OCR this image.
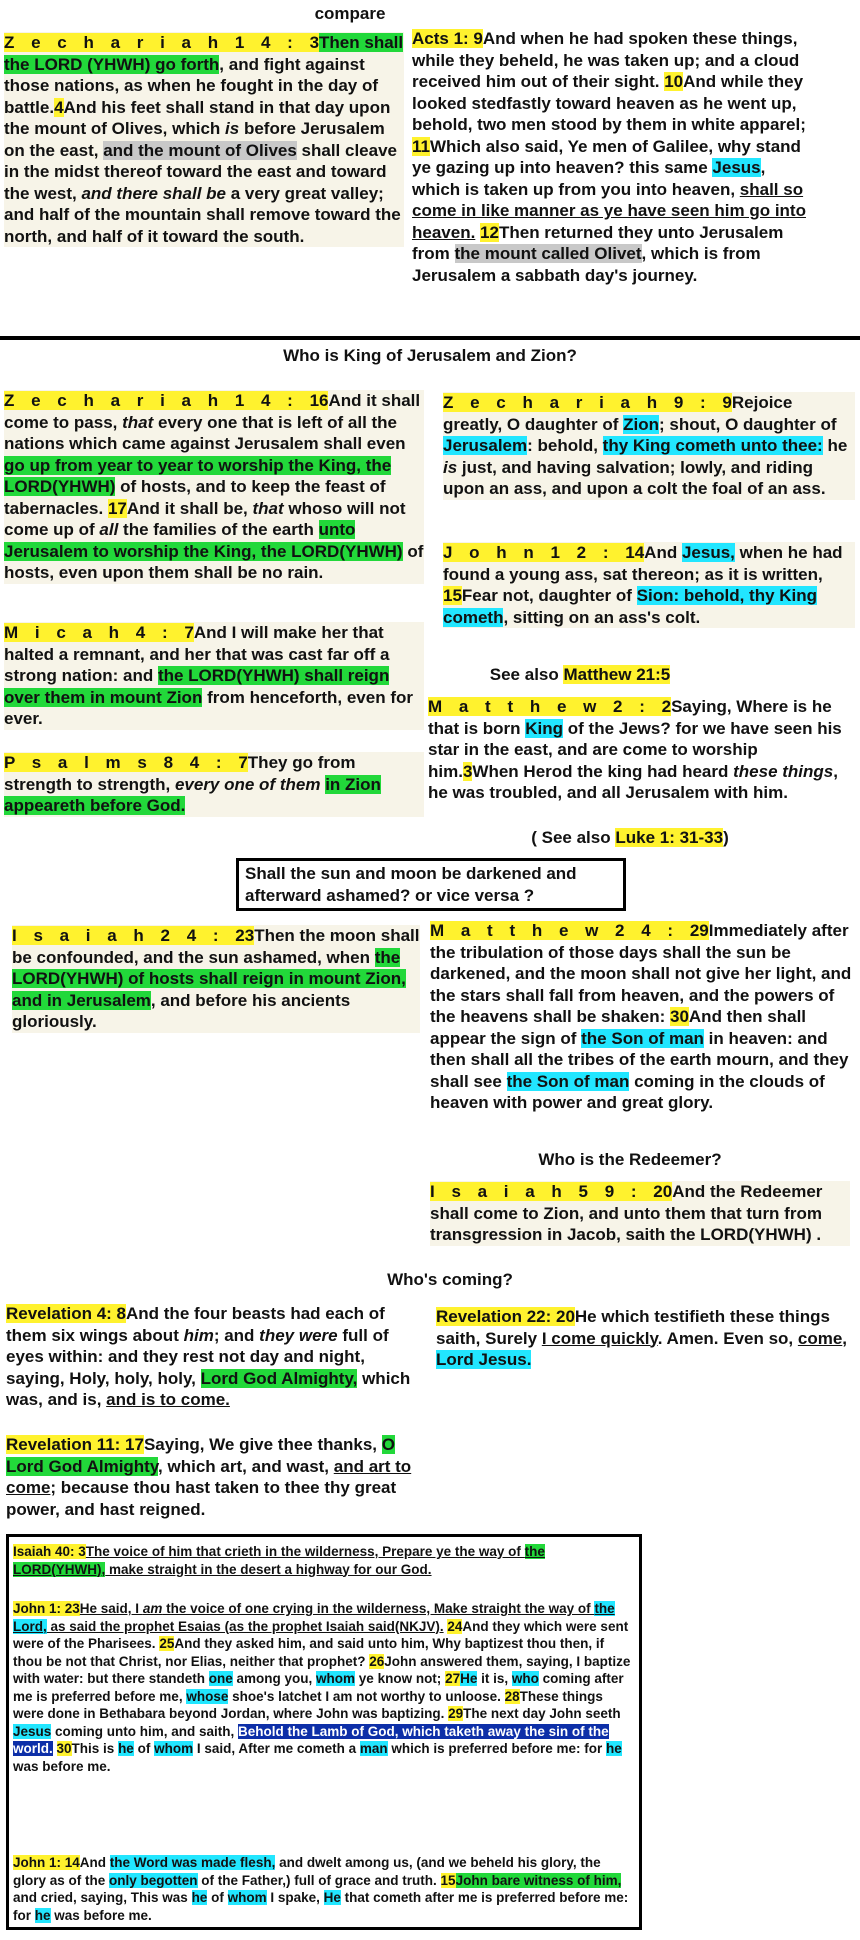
compare
Z e c h a r i a h 1 4 : 3Then shall the LORD (YHWH) go forth, and fight against those nations, as when he fought in the day of battle.4And his feet shall stand in that day upon the mount of Olives, which is before Jerusalem on the east, and the mount of Olives shall cleave in the midst thereof toward the east and toward the west, and there shall be a very great valley; and half of the mountain shall remove toward the north, and half of it toward the south.
Acts 1: 9And when he had spoken these things, while they beheld, he was taken up; and a cloud received him out of their sight. 10And while they looked stedfastly toward heaven as he went up, behold, two men stood by them in white apparel; 11Which also said, Ye men of Galilee, why stand ye gazing up into heaven? this same Jesus, which is taken up from you into heaven, shall so come in like manner as ye have seen him go into heaven. 12Then returned they unto Jerusalem from the mount called Olivet, which is from Jerusalem a sabbath day's journey.
Who is King of Jerusalem and Zion?
Z e c h a r i a h 1 4 : 16And it shall come to pass, that every one that is left of all the nations which came against Jerusalem shall even go up from year to year to worship the King, the LORD(YHWH) of hosts, and to keep the feast of tabernacles. 17And it shall be, that whoso will not come up of all the families of the earth unto Jerusalem to worship the King, the LORD(YHWH) of hosts, even upon them shall be no rain.
M i c a h 4 : 7And I will make her that halted a remnant, and her that was cast far off a strong nation: and the LORD(YHWH) shall reign over them in mount Zion from henceforth, even for ever.
P s a l m s 8 4 : 7They go from strength to strength, every one of them in Zion appeareth before God.
Z e c h a r i a h 9 : 9Rejoice greatly, O daughter of Zion; shout, O daughter of Jerusalem: behold, thy King cometh unto thee: he is just, and having salvation; lowly, and riding upon an ass, and upon a colt the foal of an ass.
J o h n 1 2 : 14And Jesus, when he had found a young ass, sat thereon; as it is written, 15Fear not, daughter of Sion: behold, thy King cometh, sitting on an ass's colt.
See also Matthew 21:5
M a t t h e w 2 : 2Saying, Where is he that is born King of the Jews? for we have seen his star in the east, and are come to worship him.3When Herod the king had heard these things, he was troubled, and all Jerusalem with him.
( See also Luke 1: 31-33)
Shall the sun and moon be darkened and afterward ashamed? or vice versa ?
I s a i a h 2 4 : 23Then the moon shall be confounded, and the sun ashamed, when the LORD(YHWH) of hosts shall reign in mount Zion, and in Jerusalem, and before his ancients gloriously.
M a t t h e w 2 4 : 29Immediately after the tribulation of those days shall the sun be darkened, and the moon shall not give her light, and the stars shall fall from heaven, and the powers of the heavens shall be shaken: 30And then shall appear the sign of the Son of man in heaven: and then shall all the tribes of the earth mourn, and they shall see the Son of man coming in the clouds of heaven with power and great glory.
Who is the Redeemer?
I s a i a h 5 9 : 20And the Redeemer shall come to Zion, and unto them that turn from transgression in Jacob, saith the LORD(YHWH) .
Who's coming?
Revelation 4: 8And the four beasts had each of them six wings about him; and they were full of eyes within: and they rest not day and night, saying, Holy, holy, holy, Lord God Almighty, which was, and is, and is to come.
Revelation 11: 17Saying, We give thee thanks, O Lord God Almighty, which art, and wast, and art to come; because thou hast taken to thee thy great power, and hast reigned.
Revelation 22: 20He which testifieth these things saith, Surely I come quickly. Amen. Even so, come, Lord Jesus.
Isaiah 40: 3The voice of him that crieth in the wilderness, Prepare ye the way of the LORD(YHWH), make straight in the desert a highway for our God.
John 1: 23He said, I am the voice of one crying in the wilderness, Make straight the way of the Lord, as said the prophet Esaias (as the prophet Isaiah said(NKJV). 24And they which were sent were of the Pharisees. 25And they asked him, and said unto him, Why baptizest thou then, if thou be not that Christ, nor Elias, neither that prophet? 26John answered them, saying, I baptize with water: but there standeth one among you, whom ye know not; 27He it is, who coming after me is preferred before me, whose shoe's latchet I am not worthy to unloose. 28These things were done in Bethabara beyond Jordan, where John was baptizing. 29The next day John seeth Jesus coming unto him, and saith, Behold the Lamb of God, which taketh away the sin of the world. 30This is he of whom I said, After me cometh a man which is preferred before me: for he was before me.
John 1: 14And the Word was made flesh, and dwelt among us, (and we beheld his glory, the glory as of the only begotten of the Father,) full of grace and truth. 15John bare witness of him, and cried, saying, This was he of whom I spake, He that cometh after me is preferred before me: for he was before me.
